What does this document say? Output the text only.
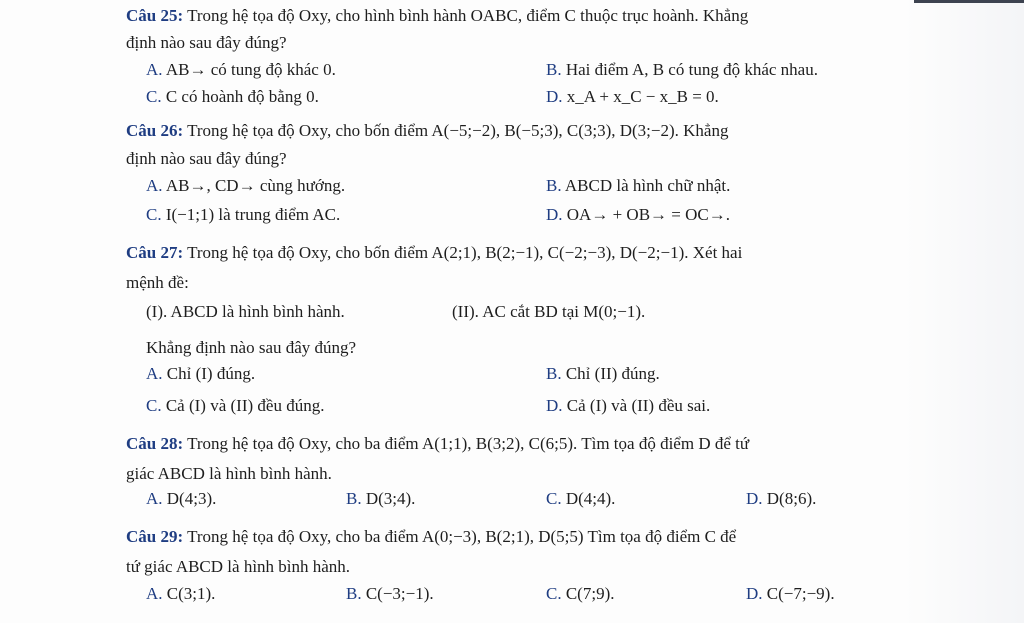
Câu 25: Trong hệ tọa độ Oxy, cho hình bình hành OABC, điểm C thuộc trục hoành. Khẳng
định nào sau đây đúng?
A. AB→ có tung độ khác 0.	B. Hai điểm A, B có tung độ khác nhau.
C. C có hoành độ bằng 0.	D. x_A + x_C − x_B = 0.
Câu 26: Trong hệ tọa độ Oxy, cho bốn điểm A(−5;−2), B(−5;3), C(3;3), D(3;−2). Khẳng
định nào sau đây đúng?
A. AB→, CD→ cùng hướng.	B. ABCD là hình chữ nhật.
C. I(−1;1) là trung điểm AC.	D. OA→ + OB→ = OC→.
Câu 27: Trong hệ tọa độ Oxy, cho bốn điểm A(2;1), B(2;−1), C(−2;−3), D(−2;−1). Xét hai
mệnh đề:
(I). ABCD là hình bình hành.	(II). AC cắt BD tại M(0;−1).
Khẳng định nào sau đây đúng?
A. Chỉ (I) đúng.	B. Chỉ (II) đúng.
C. Cả (I) và (II) đều đúng.	D. Cả (I) và (II) đều sai.
Câu 28: Trong hệ tọa độ Oxy, cho ba điểm A(1;1), B(3;2), C(6;5). Tìm tọa độ điểm D để tứ
giác ABCD là hình bình hành.
A. D(4;3).	B. D(3;4).	C. D(4;4).	D. D(8;6).
Câu 29: Trong hệ tọa độ Oxy, cho ba điểm A(0;−3), B(2;1), D(5;5) Tìm tọa độ điểm C để
tứ giác ABCD là hình bình hành.
A. C(3;1).	B. C(−3;−1).	C. C(7;9).	D. C(−7;−9).
